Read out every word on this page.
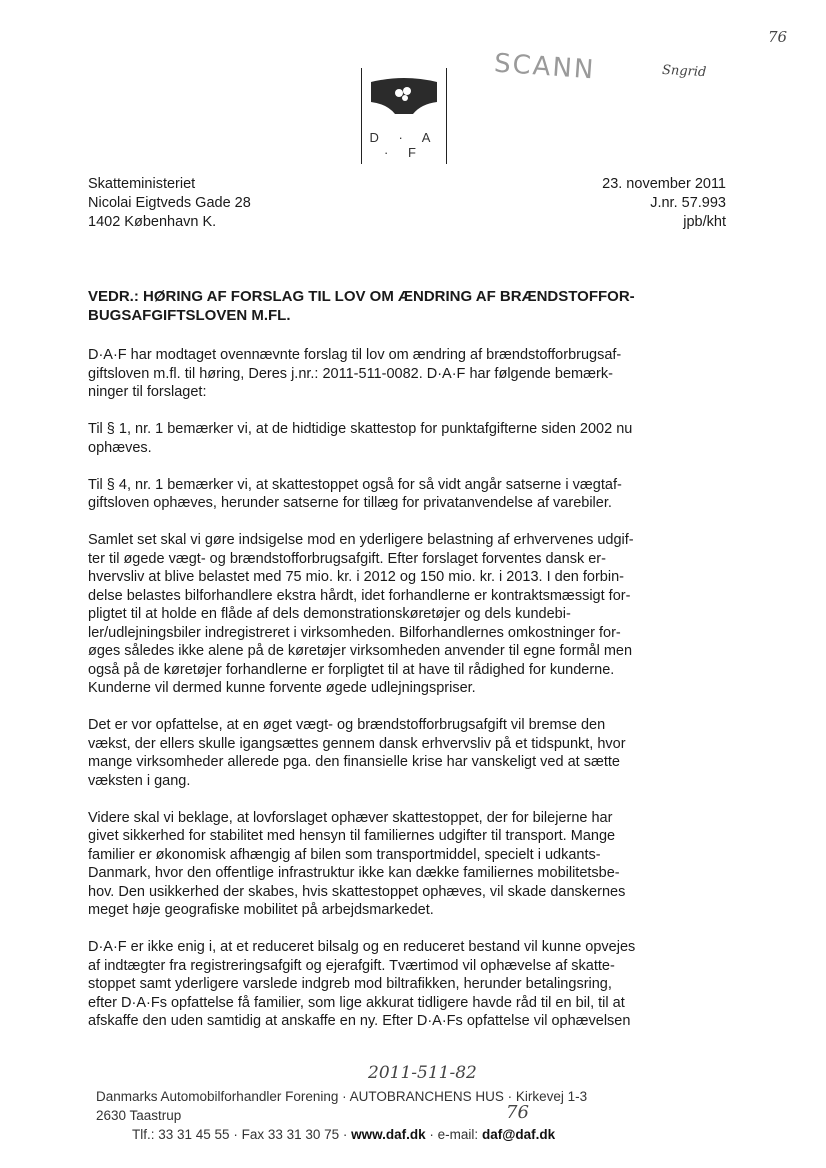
76
SCANN	Sngrid
D · A · F
Skatteministeriet
Nicolai Eigtveds Gade 28
1402 København K.
23. november 2011
J.nr. 57.993
jpb/kht
VEDR.: HØRING AF FORSLAG TIL LOV OM ÆNDRING AF BRÆNDSTOFFOR-
BUGSAFGIFTSLOVEN M.FL.

D·A·F har modtaget ovennævnte forslag til lov om ændring af brændstofforbrugsaf-
giftsloven m.fl. til høring, Deres j.nr.: 2011-511-0082. D·A·F har følgende bemærk-
ninger til forslaget:

Til § 1, nr. 1 bemærker vi, at de hidtidige skattestop for punktafgifterne siden 2002 nu
ophæves.

Til § 4, nr. 1 bemærker vi, at skattestoppet også for så vidt angår satserne i vægtaf-
giftsloven ophæves, herunder satserne for tillæg for privatanvendelse af varebiler.

Samlet set skal vi gøre indsigelse mod en yderligere belastning af erhvervenes udgif-
ter til øgede vægt- og brændstofforbrugsafgift. Efter forslaget forventes dansk er-
hvervsliv at blive belastet med 75 mio. kr. i 2012 og 150 mio. kr. i 2013. I den forbin-
delse belastes bilforhandlere ekstra hårdt, idet forhandlerne er kontraktsmæssigt for-
pligtet til at holde en flåde af dels demonstrationskøretøjer og dels kundebi-
ler/udlejningsbiler indregistreret i virksomheden. Bilforhandlernes omkostninger for-
øges således ikke alene på de køretøjer virksomheden anvender til egne formål men
også på de køretøjer forhandlerne er forpligtet til at have til rådighed for kunderne.
Kunderne vil dermed kunne forvente øgede udlejningspriser.

Det er vor opfattelse, at en øget vægt- og brændstofforbrugsafgift vil bremse den
vækst, der ellers skulle igangsættes gennem dansk erhvervsliv på et tidspunkt, hvor
mange virksomheder allerede pga. den finansielle krise har vanskeligt ved at sætte
væksten i gang.

Videre skal vi beklage, at lovforslaget ophæver skattestoppet, der for bilejerne har
givet sikkerhed for stabilitet med hensyn til familiernes udgifter til transport. Mange
familier er økonomisk afhængig af bilen som transportmiddel, specielt i udkants-
Danmark, hvor den offentlige infrastruktur ikke kan dække familiernes mobilitetsbe-
hov. Den usikkerhed der skabes, hvis skattestoppet ophæves, vil skade danskernes
meget høje geografiske mobilitet på arbejdsmarkedet.

D·A·F er ikke enig i, at et reduceret bilsalg og en reduceret bestand vil kunne opvejes
af indtægter fra registreringsafgift og ejerafgift. Tværtimod vil ophævelse af skatte-
stoppet samt yderligere varslede indgreb mod biltrafikken, herunder betalingsring,
efter D·A·Fs opfattelse få familier, som lige akkurat tidligere havde råd til en bil, til at
afskaffe den uden samtidig at anskaffe en ny. Efter D·A·Fs opfattelse vil ophævelsen

2011-511-82
76
Danmarks Automobilforhandler Forening · AUTOBRANCHENS HUS · Kirkevej 1-3
2630 Taastrup
Tlf.: 33 31 45 55 · Fax 33 31 30 75 · www.daf.dk · e-mail: daf@daf.dk
